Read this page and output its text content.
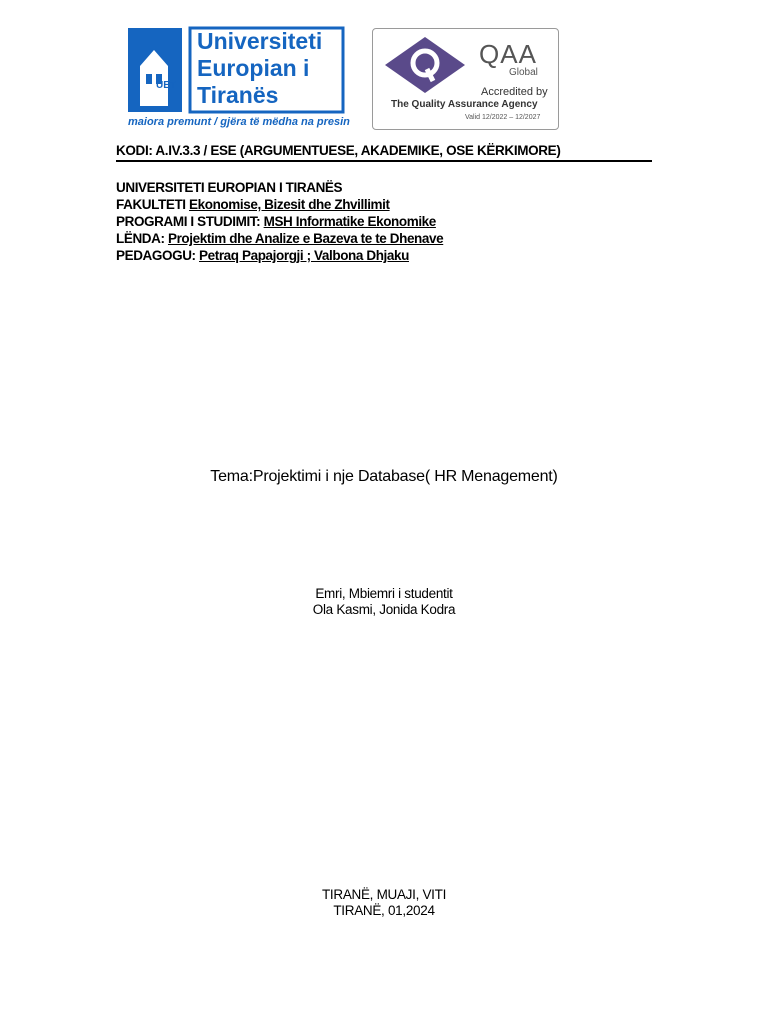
UET
Universiteti
Europian i
Tiranës
maiora premunt / gjëra të mëdha na presin
QAA
Global
Accredited by
The Quality Assurance Agency
Valid 12/2022 – 12/2027
KODI: A.IV.3.3 / ESE (ARGUMENTUESE, AKADEMIKE, OSE KËRKIMORE)
UNIVERSITETI EUROPIAN I TIRANËS
FAKULTETI Ekonomise, Bizesit dhe Zhvillimit
PROGRAMI I STUDIMIT: MSH Informatike Ekonomike
LËNDA: Projektim dhe Analize e Bazeva te te Dhenave
PEDAGOGU: Petraq Papajorgji ; Valbona Dhjaku
Tema:Projektimi i nje Database( HR Menagement)
Emri, Mbiemri i studentit
Ola Kasmi, Jonida Kodra
TIRANË, MUAJI, VITI
TIRANË, 01,2024
